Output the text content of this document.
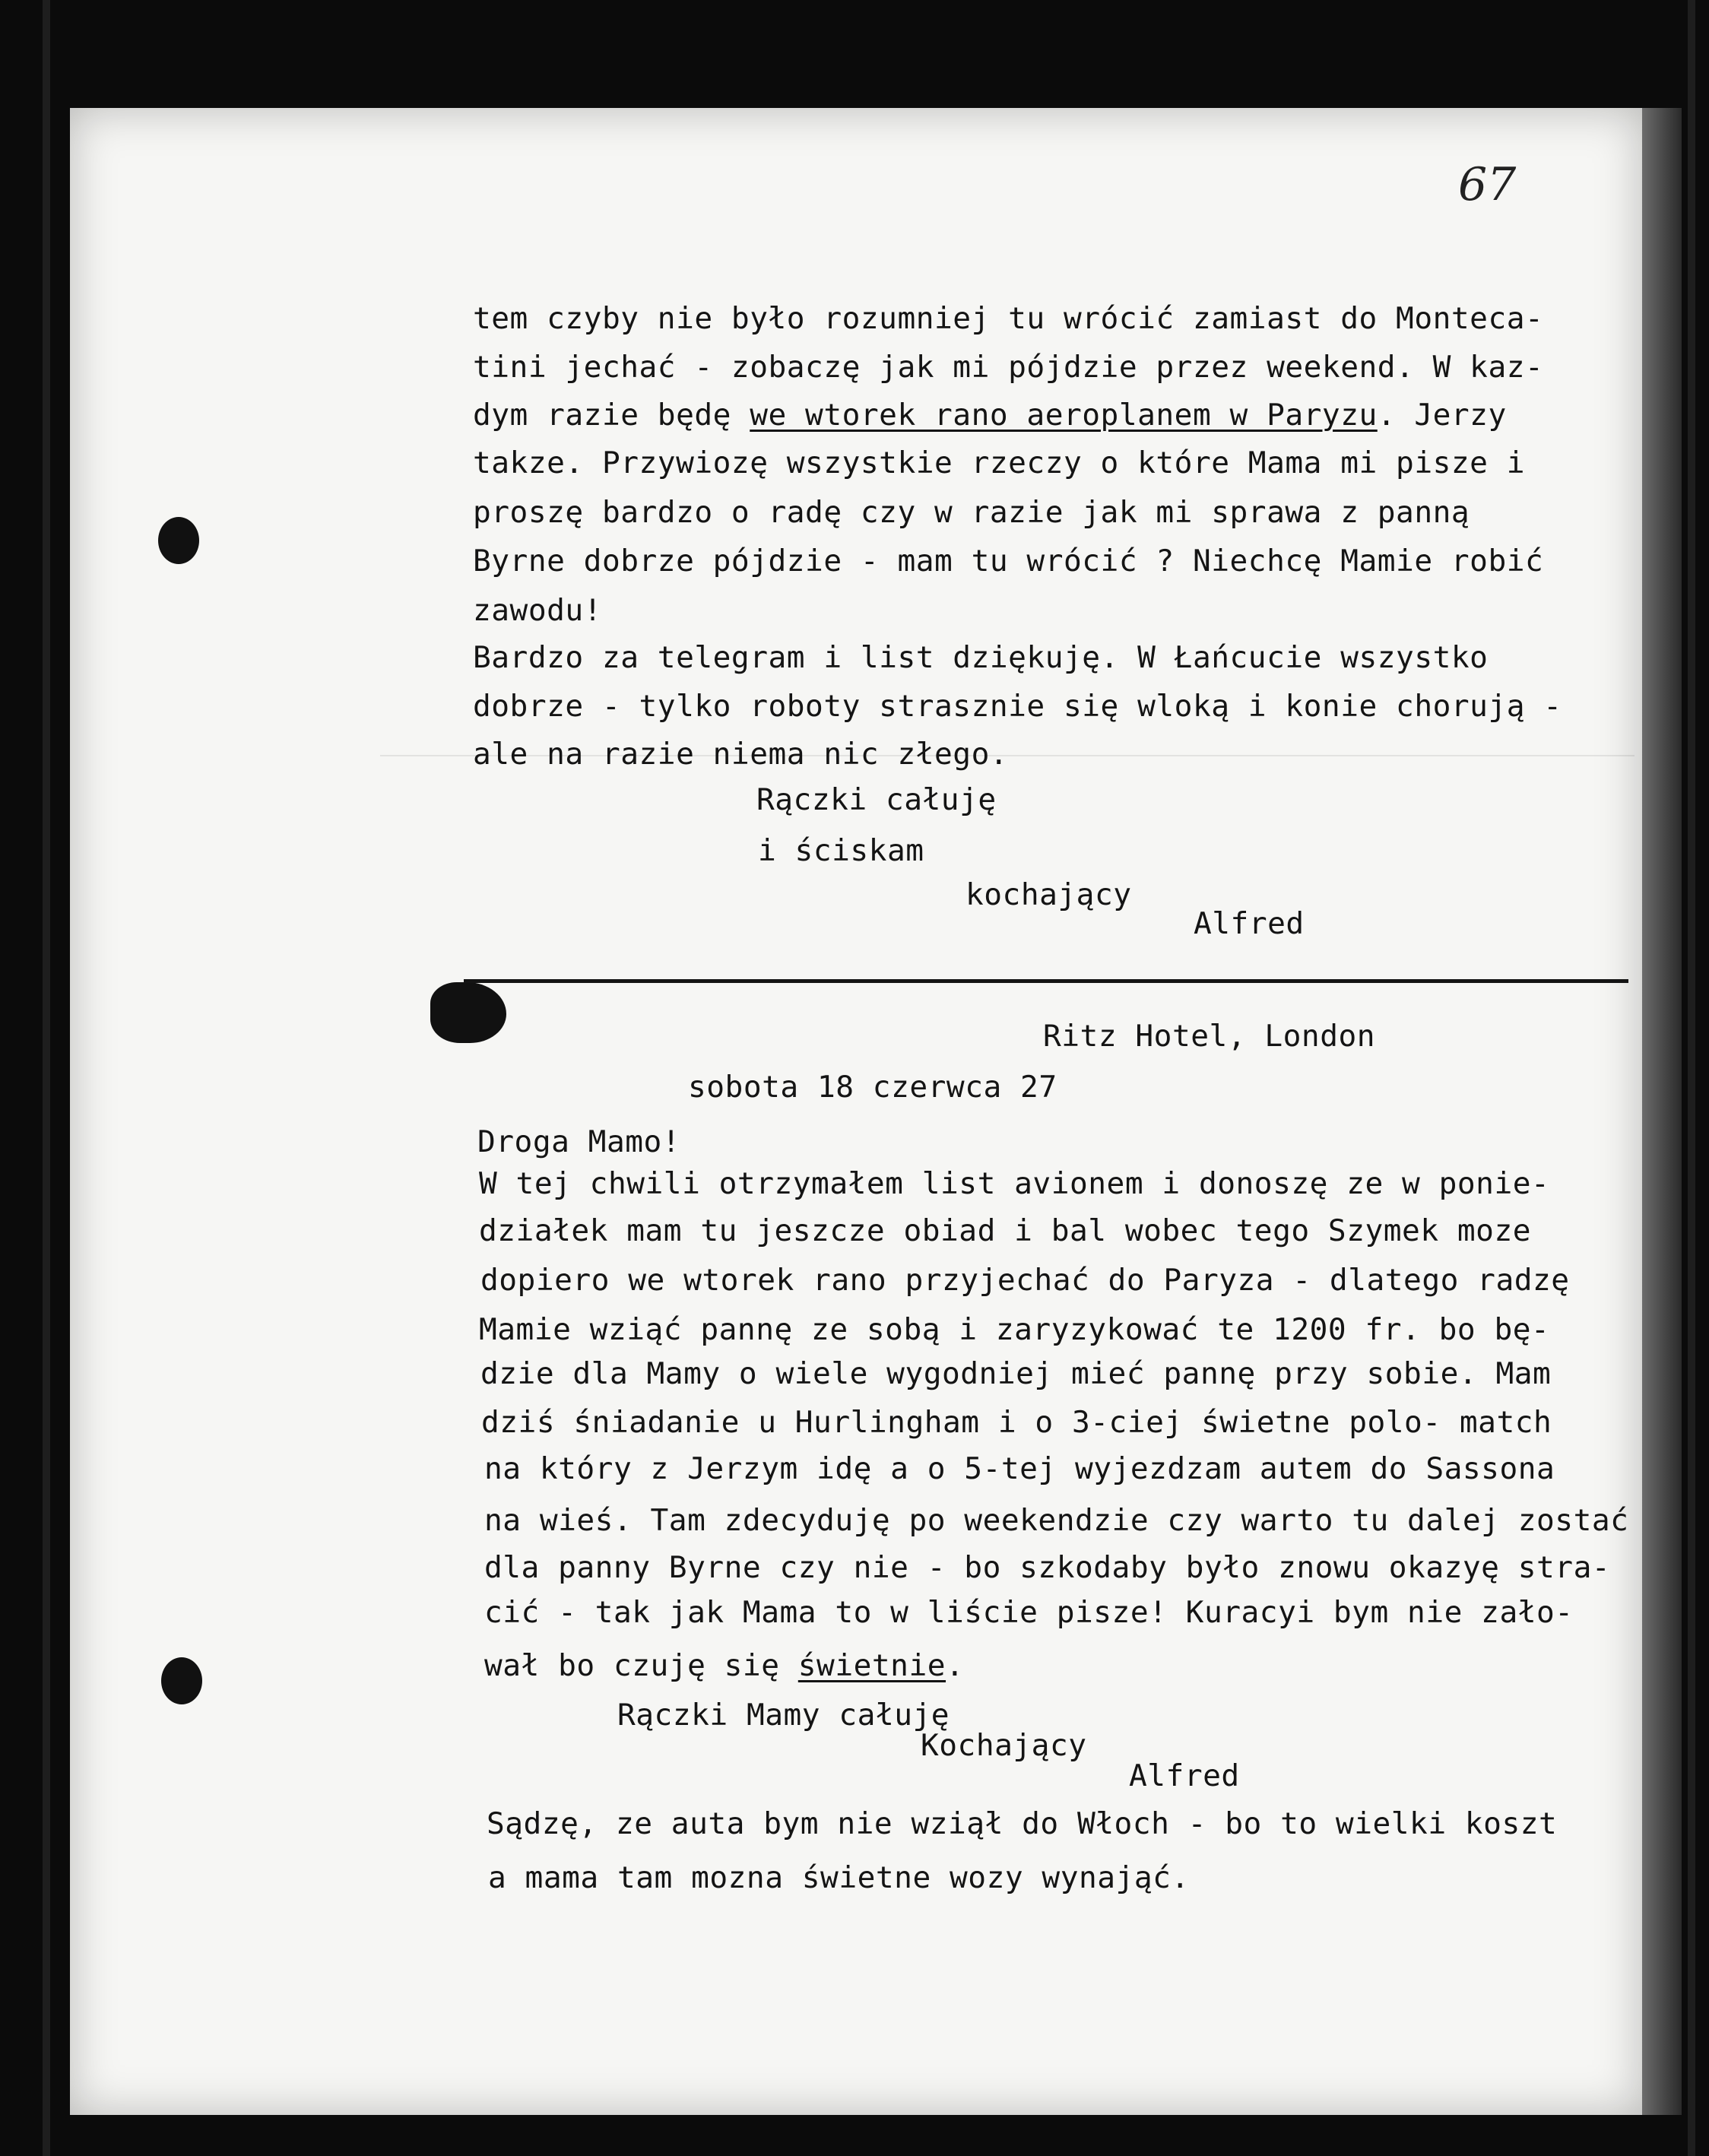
67
tem czyby nie było rozumniej tu wrócić zamiast do Monteca-
tini jechać - zobaczę jak mi pójdzie przez weekend. W kaz-
dym razie będę we wtorek rano aeroplanem w Paryzu. Jerzy
takze. Przywiozę wszystkie rzeczy o które Mama mi pisze i
proszę bardzo o radę czy w razie jak mi sprawa z panną
Byrne dobrze pójdzie - mam tu wrócić ? Niechcę Mamie robić
zawodu!
Bardzo za telegram i list dziękuję. W Łańcucie wszystko
dobrze - tylko roboty strasznie się wloką i konie chorują -
ale na razie niema nic złego.
Rączki całuję
i ściskam
kochający
Alfred
Ritz Hotel, London
sobota 18 czerwca 27
Droga Mamo!
W tej chwili otrzymałem list avionem i donoszę ze w ponie-
działek mam tu jeszcze obiad i bal wobec tego Szymek moze
dopiero we wtorek rano przyjechać do Paryza - dlatego radzę
Mamie wziąć pannę ze sobą i zaryzykować te 1200 fr. bo bę-
dzie dla Mamy o wiele wygodniej mieć pannę przy sobie. Mam
dziś śniadanie u Hurlingham i o 3-ciej świetne polo- match
na który z Jerzym idę a o 5-tej wyjezdzam autem do Sassona
na wieś. Tam zdecyduję po weekendzie czy warto tu dalej zostać
dla panny Byrne czy nie - bo szkodaby było znowu okazyę stra-
cić - tak jak Mama to w liście pisze! Kuracyi bym nie zało-
wał bo czuję się świetnie.
Rączki Mamy całuję
Kochający
Alfred
Sądzę, ze auta bym nie wziął do Włoch - bo to wielki koszt
a mama tam mozna świetne wozy wynająć.
